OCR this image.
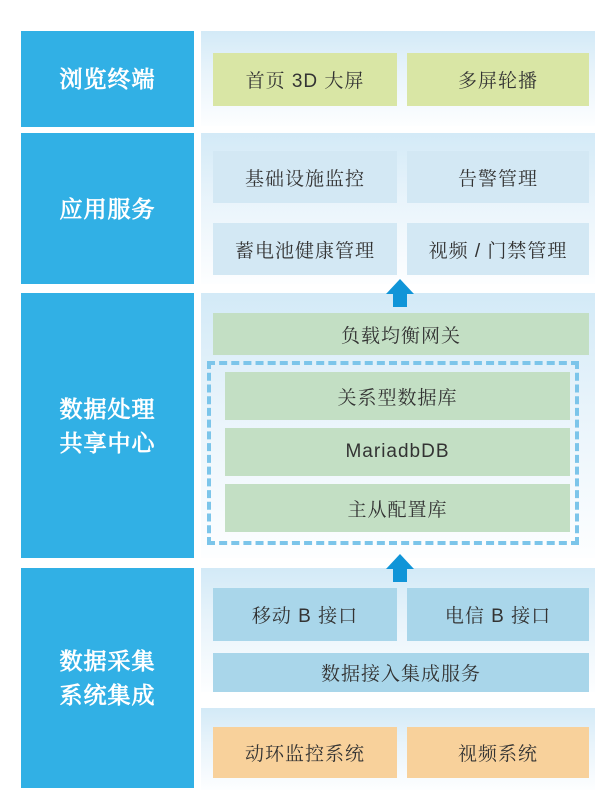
浏览终端
应用服务
数据处理
共享中心
数据采集
系统集成
首页 3D 大屏	多屏轮播
基础设施监控	告警管理
蓄电池健康管理	视频 / 门禁管理
负载均衡网关
关系型数据库
MariadbDB
主从配置库
移动 B 接口	电信 B 接口
数据接入集成服务
动环监控系统	视频系统
